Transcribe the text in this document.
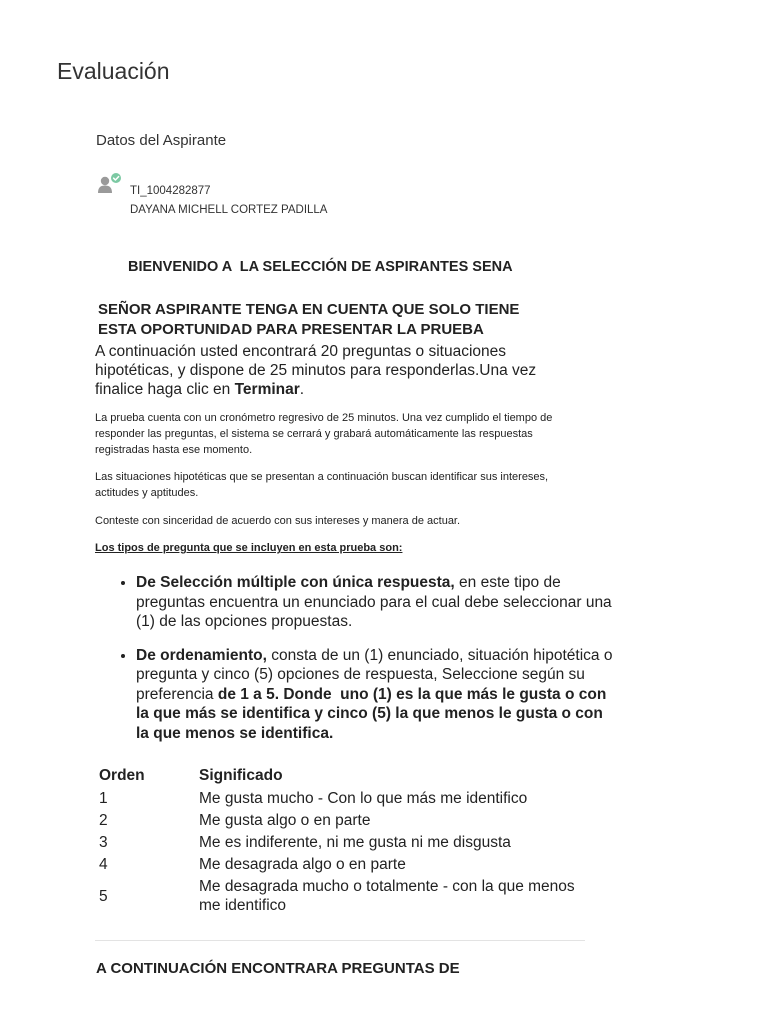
Evaluación
Datos del Aspirante
TI_1004282877
DAYANA MICHELL CORTEZ PADILLA
BIENVENIDO A  LA SELECCIÓN DE ASPIRANTES SENA
SEÑOR ASPIRANTE TENGA EN CUENTA QUE SOLO TIENE
ESTA OPORTUNIDAD PARA PRESENTAR LA PRUEBA

A continuación usted encontrará 20 preguntas o situaciones hipotéticas, y dispone de 25 minutos para responderlas.Una vez finalice haga clic en Terminar.

La prueba cuenta con un cronómetro regresivo de 25 minutos. Una vez cumplido el tiempo de responder las preguntas, el sistema se cerrará y grabará automáticamente las respuestas registradas hasta ese momento.

Las situaciones hipotéticas que se presentan a continuación buscan identificar sus intereses, actitudes y aptitudes.

Conteste con sinceridad de acuerdo con sus intereses y manera de actuar.

Los tipos de pregunta que se incluyen en esta prueba son:
• De Selección múltiple con única respuesta, en este tipo de preguntas encuentra un enunciado para el cual debe seleccionar una (1) de las opciones propuestas.
• De ordenamiento, consta de un (1) enunciado, situación hipotética o pregunta y cinco (5) opciones de respuesta, Seleccione según su preferencia de 1 a 5. Donde  uno (1) es la que más le gusta o con la que más se identifica y cinco (5) la que menos le gusta o con la que menos se identifica.
Orden	Significado
1	Me gusta mucho - Con lo que más me identifico
2	Me gusta algo o en parte
3	Me es indiferente, ni me gusta ni me disgusta
4	Me desagrada algo o en parte
5	Me desagrada mucho o totalmente - con la que menos me identifico
A CONTINUACIÓN ENCONTRARA PREGUNTAS DE
